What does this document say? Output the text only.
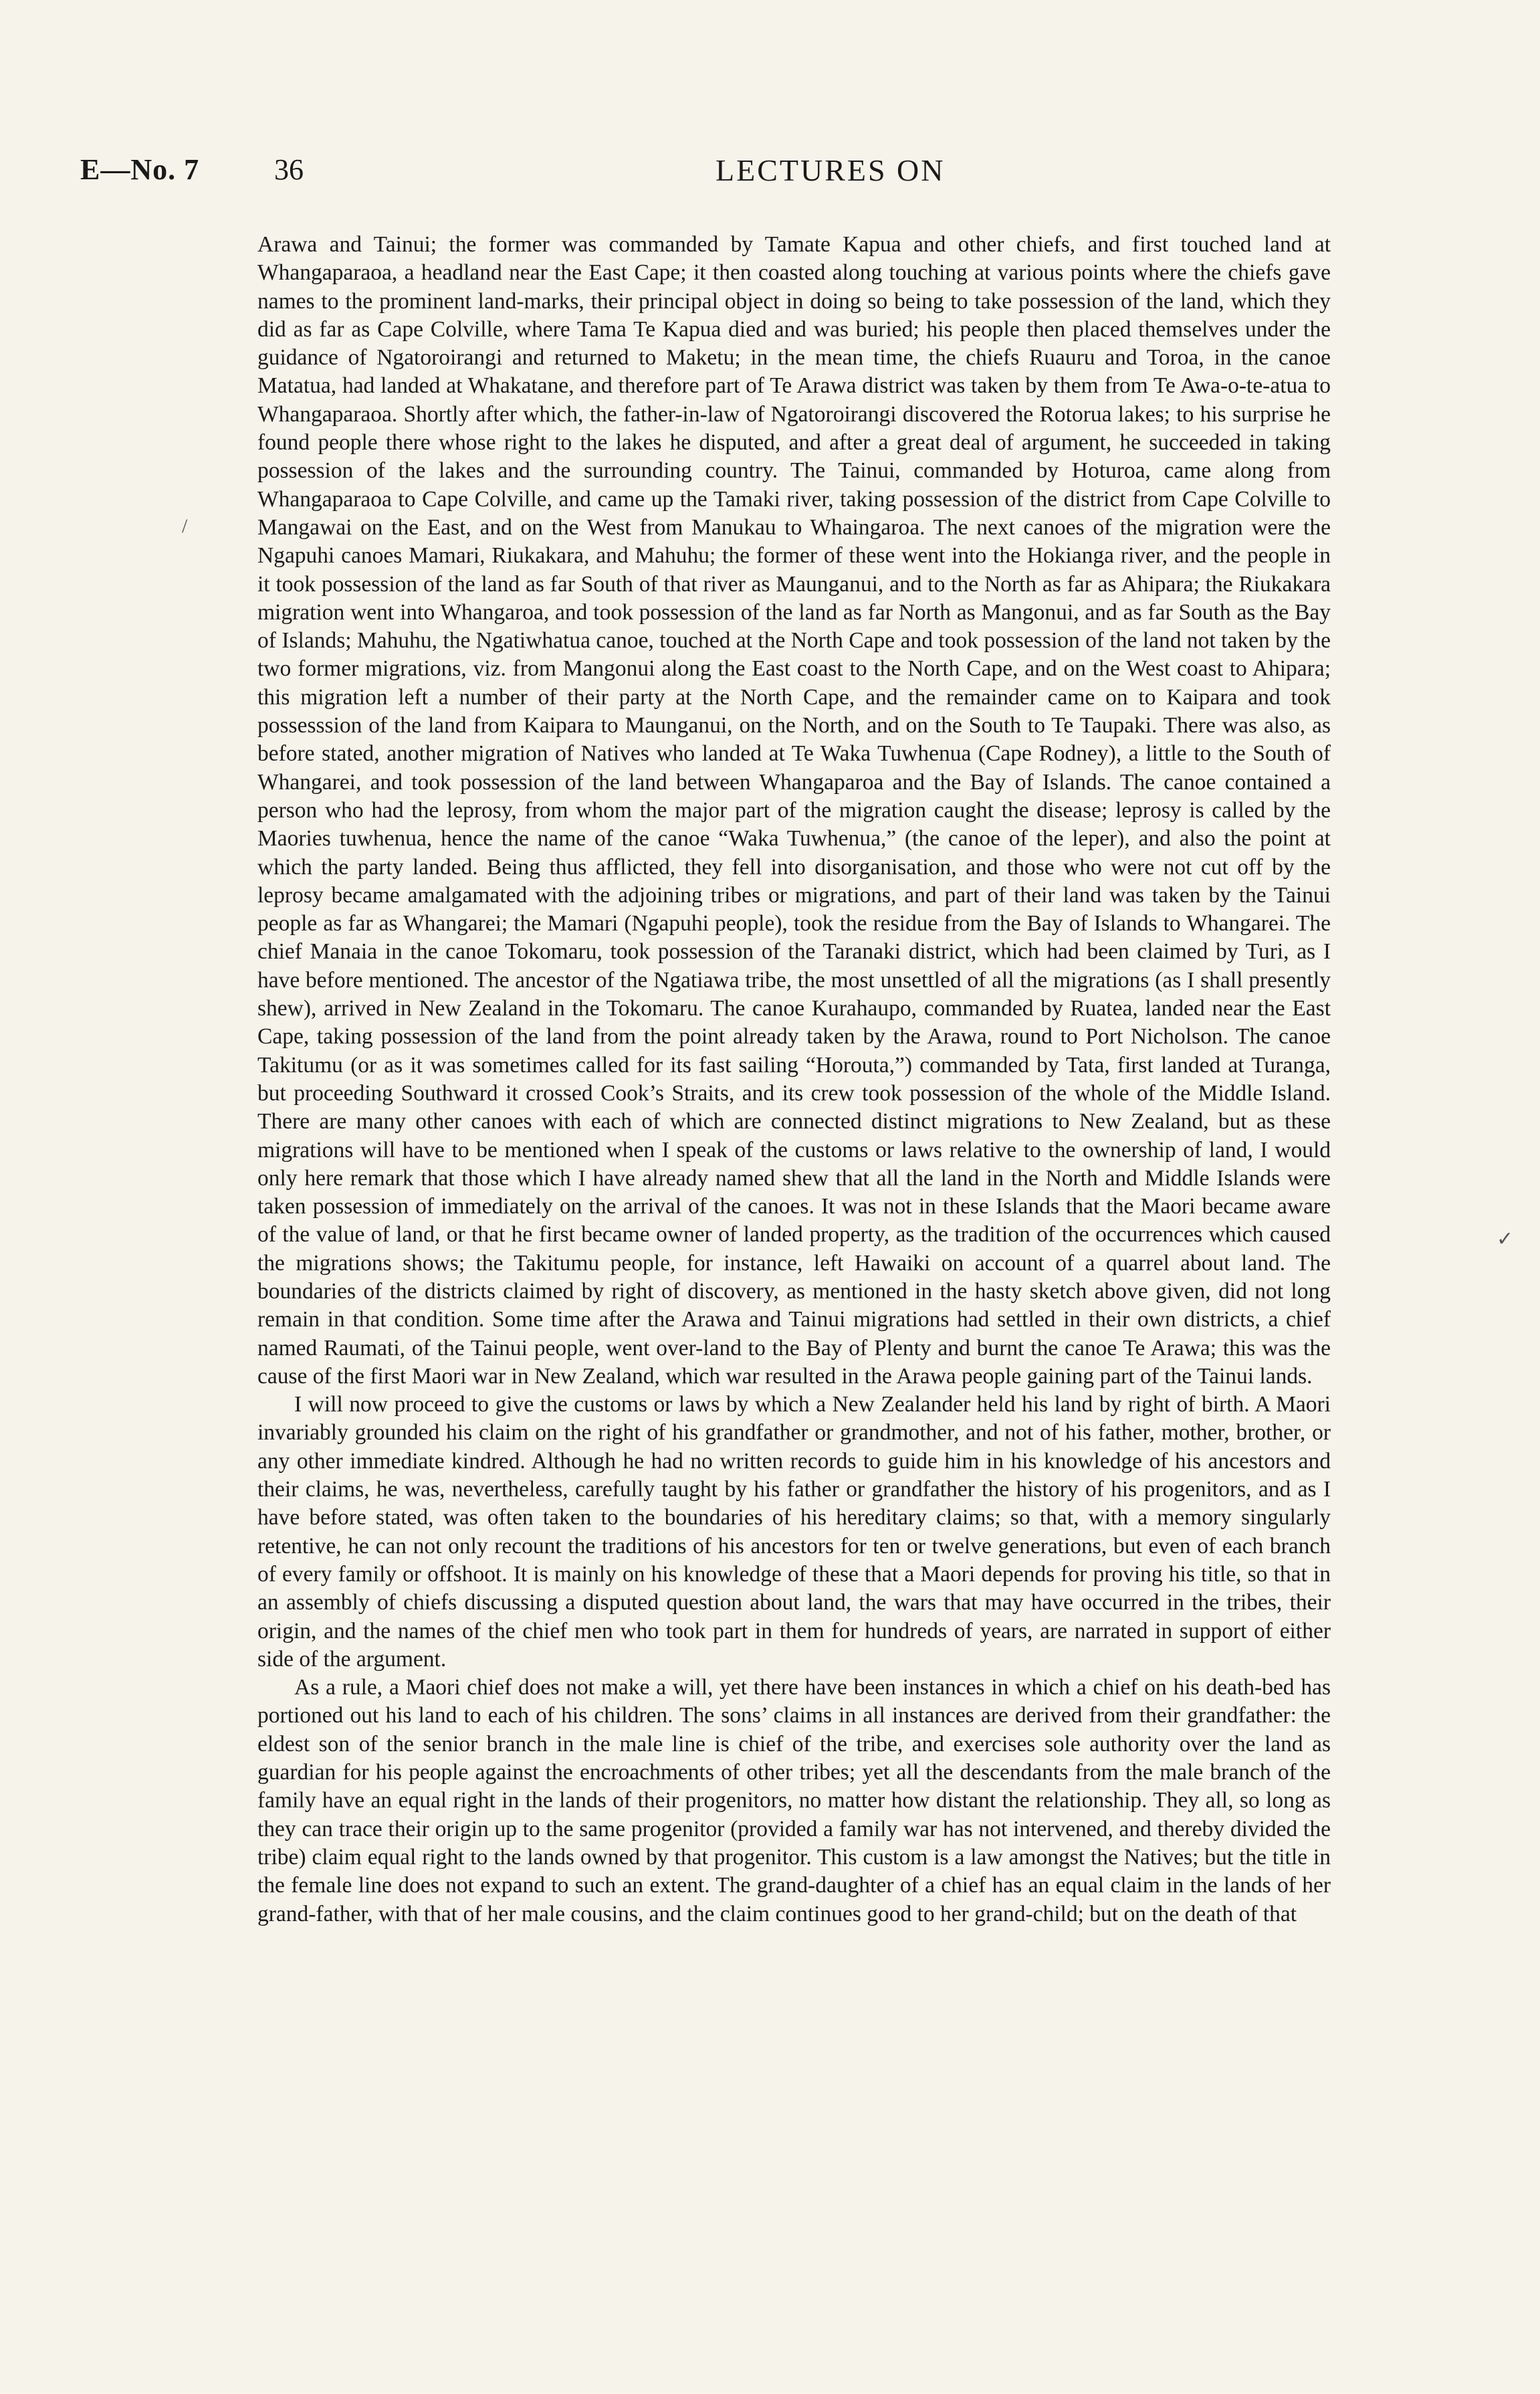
E—No. 7	36	LECTURES ON

Arawa and Tainui; the former was commanded by Tamate Kapua and other chiefs, and first touched land at Whangaparaoa, a headland near the East Cape; it then coasted along touching at various points where the chiefs gave names to the prominent land-marks, their principal object in doing so being to take possession of the land, which they did as far as Cape Colville, where Tama Te Kapua died and was buried; his people then placed themselves under the guidance of Ngatoroirangi and returned to Maketu; in the mean time, the chiefs Ruauru and Toroa, in the canoe Matatua, had landed at Whakatane, and therefore part of Te Arawa district was taken by them from Te Awa-o-te-atua to Whangaparaoa. Shortly after which, the father-in-law of Ngatoroirangi discovered the Rotorua lakes; to his surprise he found people there whose right to the lakes he disputed, and after a great deal of argument, he succeeded in taking possession of the lakes and the surrounding country. The Tainui, commanded by Hoturoa, came along from Whangaparaoa to Cape Colville, and came up the Tamaki river, taking possession of the district from Cape Colville to Mangawai on the East, and on the West from Manukau to Whaingaroa. The next canoes of the migration were the Ngapuhi canoes Mamari, Riukakara, and Mahuhu; the former of these went into the Hokianga river, and the people in it took possession of the land as far South of that river as Maunganui, and to the North as far as Ahipara; the Riukakara migration went into Whangaroa, and took possession of the land as far North as Mangonui, and as far South as the Bay of Islands; Mahuhu, the Ngatiwhatua canoe, touched at the North Cape and took possession of the land not taken by the two former migrations, viz. from Mangonui along the East coast to the North Cape, and on the West coast to Ahipara; this migration left a number of their party at the North Cape, and the remainder came on to Kaipara and took possesssion of the land from Kaipara to Maunganui, on the North, and on the South to Te Taupaki. There was also, as before stated, another migration of Natives who landed at Te Waka Tuwhenua (Cape Rodney), a little to the South of Whangarei, and took possession of the land between Whangaparoa and the Bay of Islands. The canoe contained a person who had the leprosy, from whom the major part of the migration caught the disease; leprosy is called by the Maories tuwhenua, hence the name of the canoe “Waka Tuwhenua,” (the canoe of the leper), and also the point at which the party landed. Being thus afflicted, they fell into disorganisation, and those who were not cut off by the leprosy became amalgamated with the adjoining tribes or migrations, and part of their land was taken by the Tainui people as far as Whangarei; the Mamari (Ngapuhi people), took the residue from the Bay of Islands to Whangarei. The chief Manaia in the canoe Tokomaru, took possession of the Taranaki district, which had been claimed by Turi, as I have before mentioned. The ancestor of the Ngatiawa tribe, the most unsettled of all the migrations (as I shall presently shew), arrived in New Zealand in the Tokomaru. The canoe Kurahaupo, commanded by Ruatea, landed near the East Cape, taking possession of the land from the point already taken by the Arawa, round to Port Nicholson. The canoe Takitumu (or as it was sometimes called for its fast sailing “Horouta,”) commanded by Tata, first landed at Turanga, but proceeding Southward it crossed Cook’s Straits, and its crew took possession of the whole of the Middle Island. There are many other canoes with each of which are connected distinct migrations to New Zealand, but as these migrations will have to be mentioned when I speak of the customs or laws relative to the ownership of land, I would only here remark that those which I have already named shew that all the land in the North and Middle Islands were taken possession of immediately on the arrival of the canoes. It was not in these Islands that the Maori became aware of the value of land, or that he first became owner of landed property, as the tradition of the occurrences which caused the migrations shows; the Takitumu people, for instance, left Hawaiki on account of a quarrel about land. The boundaries of the districts claimed by right of discovery, as mentioned in the hasty sketch above given, did not long remain in that condition. Some time after the Arawa and Tainui migrations had settled in their own districts, a chief named Raumati, of the Tainui people, went over-land to the Bay of Plenty and burnt the canoe Te Arawa; this was the cause of the first Maori war in New Zealand, which war resulted in the Arawa people gaining part of the Tainui lands.

I will now proceed to give the customs or laws by which a New Zealander held his land by right of birth. A Maori invariably grounded his claim on the right of his grandfather or grandmother, and not of his father, mother, brother, or any other immediate kindred. Although he had no written records to guide him in his knowledge of his ancestors and their claims, he was, nevertheless, carefully taught by his father or grandfather the history of his progenitors, and as I have before stated, was often taken to the boundaries of his hereditary claims; so that, with a memory singularly retentive, he can not only recount the traditions of his ancestors for ten or twelve generations, but even of each branch of every family or offshoot. It is mainly on his knowledge of these that a Maori depends for proving his title, so that in an assembly of chiefs discussing a disputed question about land, the wars that may have occurred in the tribes, their origin, and the names of the chief men who took part in them for hundreds of years, are narrated in support of either side of the argument.

As a rule, a Maori chief does not make a will, yet there have been instances in which a chief on his death-bed has portioned out his land to each of his children. The sons’ claims in all instances are derived from their grandfather: the eldest son of the senior branch in the male line is chief of the tribe, and exercises sole authority over the land as guardian for his people against the encroachments of other tribes; yet all the descendants from the male branch of the family have an equal right in the lands of their progenitors, no matter how distant the relationship. They all, so long as they can trace their origin up to the same progenitor (provided a family war has not intervened, and thereby divided the tribe) claim equal right to the lands owned by that progenitor. This custom is a law amongst the Natives; but the title in the female line does not expand to such an extent. The grand-daughter of a chief has an equal claim in the lands of her grand-father, with that of her male cousins, and the claim continues good to her grand-child; but on the death of that

/
✓
